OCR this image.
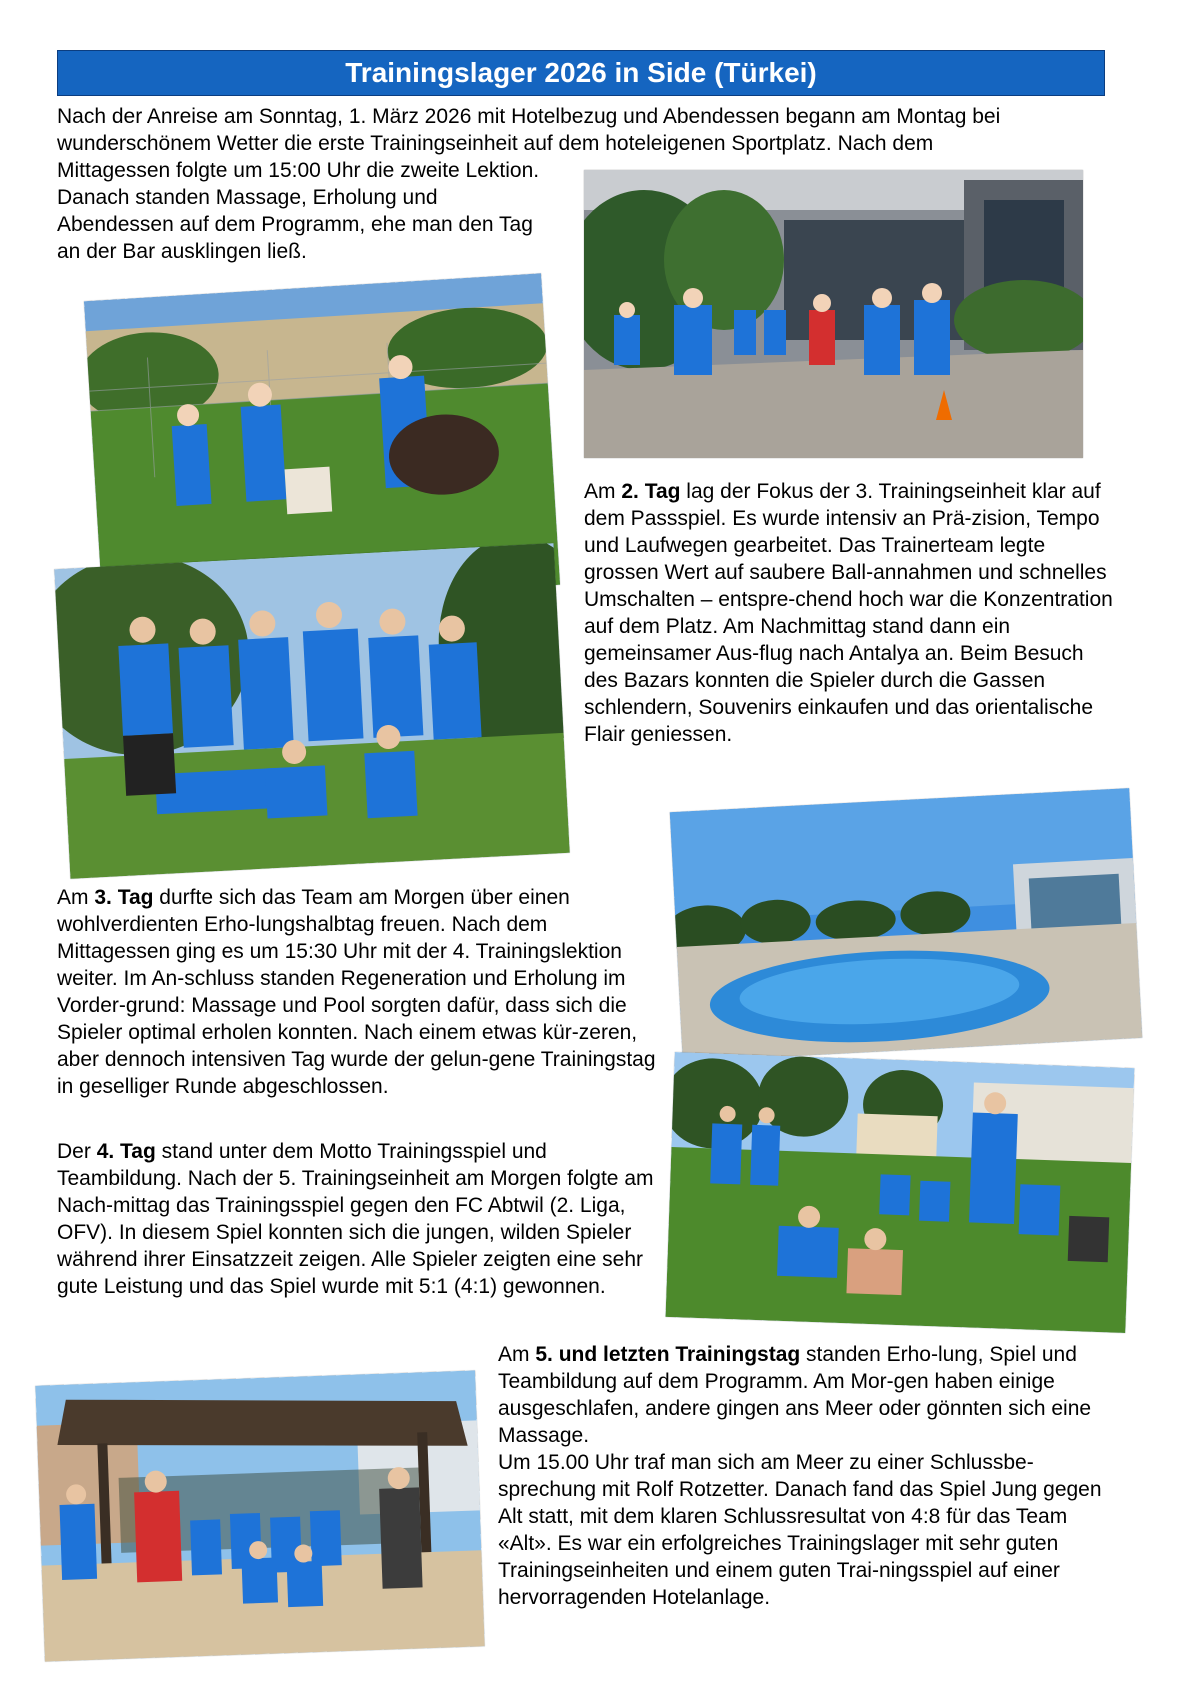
Trainingslager 2026 in Side (Türkei)

Nach der Anreise am Sonntag, 1. März 2026 mit Hotelbezug und Abendessen begann am Montag bei wunderschönem Wetter die erste Trainingseinheit auf dem hoteleigenen Sportplatz. Nach dem

Mittagessen folgte um 15:00 Uhr die zweite Lektion. Danach standen Massage, Erholung und Abendessen auf dem Programm, ehe man den Tag an der Bar ausklingen ließ.

Am 2. Tag lag der Fokus der 3. Trainingseinheit klar auf dem Passspiel. Es wurde intensiv an Prä-zision, Tempo und Laufwegen gearbeitet. Das Trainerteam legte grossen Wert auf saubere Ball-annahmen und schnelles Umschalten – entspre-chend hoch war die Konzentration auf dem Platz. Am Nachmittag stand dann ein gemeinsamer Aus-flug nach Antalya an. Beim Besuch des Bazars konnten die Spieler durch die Gassen schlendern, Souvenirs einkaufen und das orientalische Flair geniessen.

Am 3. Tag durfte sich das Team am Morgen über einen wohlverdienten Erho-lungshalbtag freuen. Nach dem Mittagessen ging es um 15:30 Uhr mit der 4. Trainingslektion weiter. Im An-schluss standen Regeneration und Erholung im Vorder-grund: Massage und Pool sorgten dafür, dass sich die Spieler optimal erholen konnten. Nach einem etwas kür-zeren, aber dennoch intensiven Tag wurde der gelun-gene Trainingstag in geselliger Runde abgeschlossen.

Der 4. Tag stand unter dem Motto Trainingsspiel und Teambildung. Nach der 5. Trainingseinheit am Morgen folgte am Nach-mittag das Trainingsspiel gegen den FC Abtwil (2. Liga, OFV). In diesem Spiel konnten sich die jungen, wilden Spieler während ihrer Einsatzzeit zeigen. Alle Spieler zeigten eine sehr gute Leistung und das Spiel wurde mit 5:1 (4:1) gewonnen.

Am 5. und letzten Trainingstag standen Erho-lung, Spiel und Teambildung auf dem Programm. Am Mor-gen haben einige ausgeschlafen, andere gingen ans Meer oder gönnten sich eine Massage.

Um 15.00 Uhr traf man sich am Meer zu einer Schlussbe-sprechung mit Rolf Rotzetter. Danach fand das Spiel Jung gegen Alt statt, mit dem klaren Schlussresultat von 4:8 für das Team «Alt». Es war ein erfolgreiches Trainingslager mit sehr guten Trainingseinheiten und einem guten Trai-ningsspiel auf einer hervorragenden Hotelanlage.
